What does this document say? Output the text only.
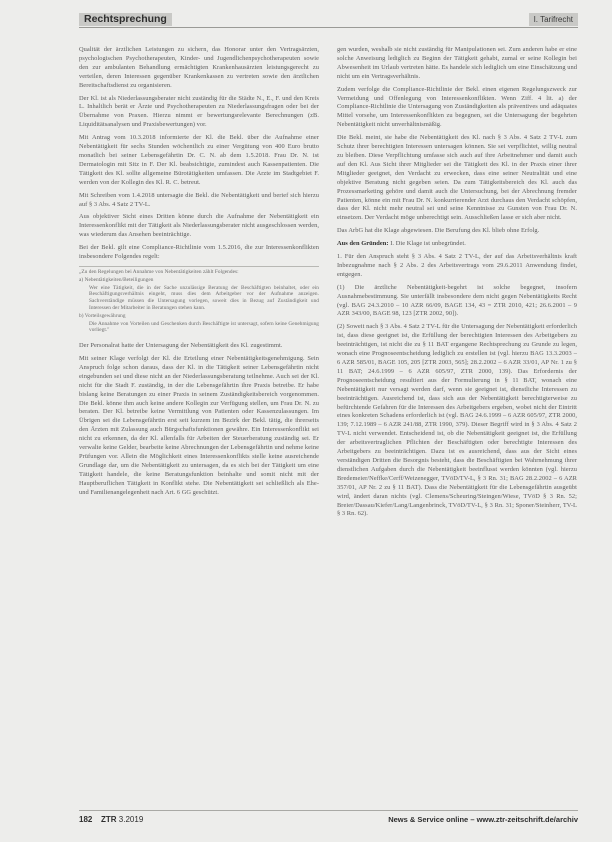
Rechtsprechung	I. Tarifrecht

Qualität der ärztlichen Leistungen zu sichern, das Honorar unter den Vertragsärzten, psychologischen Psychotherapeuten, Kinder- und Jugendlichenpsychotherapeuten sowie den zur ambulanten Behandlung ermächtigten Krankenhausärzten leistungsgerecht zu verteilen, deren Interessen gegenüber Krankenkassen zu vertreten sowie den ärztlichen Bereitschaftsdienst zu organisieren.

Der Kl. ist als Niederlassungsberater nicht zuständig für die Städte N., E., F. und den Kreis L. Inhaltlich berät er Ärzte und Psychotherapeuten zu Niederlassungsfragen oder bei der Übernahme von Praxen. Hierzu nimmt er bewertungsrelevante Berechnungen (zB. Liquiditätsanalysen und Praxisbewertungen) vor.

Mit Antrag vom 10.3.2018 informierte der Kl. die Bekl. über die Aufnahme einer Nebentätigkeit für sechs Stunden wöchentlich zu einer Vergütung von 400 Euro brutto monatlich bei seiner Lebensgefährtin Dr. C. N. ab dem 1.5.2018. Frau Dr. N. ist Dermatologin mit Sitz in F. Der Kl. beabsichtigte, zumindest auch Kassenpatienten. Die Tätigkeit des Kl. sollte allgemeine Bürotätigkeiten umfassen. Die Arzte im Stadtgebiet F. werden von der Kollegin des Kl. R. C. betreut.

Mit Schreiben vom 1.4.2018 untersagte die Bekl. die Nebentätigkeit und berief sich hierzu auf § 3 Abs. 4 Satz 2 TV-L.

Aus objektiver Sicht eines Dritten könne durch die Aufnahme der Nebentätigkeit ein Interessenkonflikt mit der Tätigkeit als Niederlassungsberater nicht ausgeschlossen werden, was wiederum das Ansehen beeinträchtige.

Bei der Bekl. gilt eine Compliance-Richtlinie vom 1.5.2016, die zur Interessenkonflikten insbesondere Folgendes regelt:

„Zu den Regelungen bei Annahme von Nebentätigkeiten zählt Folgendes:

a) Nebentätigkeiten/Beteiligungen

Wer eine Tätigkeit, die in der Sache unzulässige Beratung der Beschäftigten beinhaltet, oder ein Beschäftigungsverhältnis eingeht, muss dies dem Arbeitgeber vor der Aufnahme anzeigen. Sachverständige müssen die Untersagung vorlegen, soweit dies in Bezug auf Zuständigkeit und Interessen der Mitarbeiter in Beratungen stehen kann.

b) Vorteilsgewährung

Die Annahme von Vorteilen und Geschenken durch Beschäftigte ist untersagt, sofern keine Genehmigung vorliegt."

Der Personalrat hatte der Untersagung der Nebentätigkeit des Kl. zugestimmt.

Mit seiner Klage verfolgt der Kl. die Erteilung einer Nebentätigkeitsgenehmigung. Sein Anspruch folge schon daraus, dass der Kl. in die Tätigkeit seiner Lebensgefährtin nicht eingebunden sei und diese nicht an der Niederlassungsberatung teilnehme. Auch sei der Kl. nicht für die Stadt F. zuständig, in der die Lebensgefährtin ihre Praxis betreibe. Er habe bislang keine Beratungen zu einer Praxis in seinem Zuständigkeitsbereich vorgenommen. Die Bekl. könne ihm auch keine andere Kollegin zur Verfügung stellen, um Frau Dr. N. zu beraten. Der Kl. betreibe keine Vermittlung von Patienten oder Kassenzulassungen. Im Übrigen sei die Lebensgefährtin erst seit kurzem im Bezirk der Bekl. tätig, die ihrerseits den Ärzten mit Zulassung auch Bürgschaftsfunktionen gewähre. Ein Interessenkonflikt sei nicht zu erkennen, da der Kl. allenfalls für Arbeiten der Steuerberatung zuständig sei. Er verwalte keine Gelder, bearbeite keine Abrechnungen der Lebensgefährtin und nehme keine Prüfungen vor. Allein die Möglichkeit eines Interessenkonflikts stelle keine ausreichende Grundlage dar, um die Nebentätigkeit zu untersagen, da es sich bei der Tätigkeit um eine Tätigkeit handele, die keine Beratungsfunktion beinhalte und somit nicht mit der Hauptberuflichen Tätigkeit in Konflikt stehe. Die Nebentätigkeit sei schließlich als Ehe- und Familienangelegenheit nach Art. 6 GG geschützt.

gen wurden, weshalb sie nicht zuständig für Manipulationen sei. Zum anderen habe er eine solche Anweisung lediglich zu Beginn der Tätigkeit gehabt, zumal er seine Kollegin bei Abwesenheit im Urlaub vertreten hätte. Es handele sich lediglich um eine Einschätzung und nicht um ein Vertragsverhältnis.

Zudem verfolge die Compliance-Richtlinie der Bekl. einen eigenen Regelungszweck zur Vermeidung und Offenlegung von Interessenkonflikten. Wenn Ziff. 4 lit. a) der Compliance-Richtlinie die Untersagung von Zuständigkeiten als präventives und adäquates Mittel vorsehe, um Interessenkonflikten zu begegnen, sei die Untersagung der begehrten Nebentätigkeit nicht unverhältnismäßig.

Die Bekl. meint, sie habe die Nebentätigkeit des Kl. nach § 3 Abs. 4 Satz 2 TV-L zum Schutz ihrer berechtigten Interessen untersagen können. Sie sei verpflichtet, willig neutral zu bleiben. Diese Verpflichtung umfasse sich auch auf ihre Arbeitnehmer und damit auch auf den Kl. Aus Sicht ihrer Mitglieder sei die Tätigkeit des Kl. in der Praxis einer ihrer Mitglieder geeignet, den Verdacht zu erwecken, dass eine seiner Neutralität und eine objektive Beratung nicht gegeben seien. Da zum Tätigkeitsbereich des Kl. auch das Prozessmarketing gehöre und damit auch die Untersuchung, bei der Abrechnung fremder Patienten, könne ein mit Frau Dr. N. konkurrierender Arzt durchaus den Verdacht schöpfen, dass der Kl. nicht mehr neutral sei und seine Kenntnisse zu Gunsten von Frau Dr. N. einsetzen. Der Verdacht möge unberechtigt sein. Ausschließen lasse er sich aber nicht.

Das ArbG hat die Klage abgewiesen. Die Berufung des Kl. blieb ohne Erfolg.

Aus den Gründen: I. Die Klage ist unbegründet.

1. Für den Anspruch steht § 3 Abs. 4 Satz 2 TV-L, der auf das Arbeitsverhältnis kraft Inbezugnahme nach § 2 Abs. 2 des Arbeitsvertrags vom 29.6.2011 Anwendung findet, entgegen.

(1) Die ärztliche Nebentätigkeit-begehrt ist solche begegnet, insofern Ausnahmebestimmung. Sie unterfällt insbesondere dem nicht gegen Nebentätigkeits Recht (vgl. BAG 24.3.2010 – 10 AZR 66/09, BAGE 134, 43 = ZTR 2010, 421; 26.6.2001 – 9 AZR 343/00, BAGE 98, 123 [ZTR 2002, 90]).

(2) Soweit nach § 3 Abs. 4 Satz 2 TV-L für die Untersagung der Nebentätigkeit erforderlich ist, dass diese geeignet ist, die Erfüllung der berechtigten Interessen des Arbeitgebers zu beeinträchtigen, ist nicht die zu § 11 BAT ergangene Rechtsprechung zu Grunde zu legen, wonach eine Prognoseentscheidung lediglich zu erstellen ist (vgl. hierzu BAG 13.3.2003 – 6 AZR 585/01, BAGE 105, 205 [ZTR 2003, 565]; 28.2.2002 – 6 AZR 33/01, AP Nr. 1 zu § 11 BAT; 24.6.1999 – 6 AZR 605/97, ZTR 2000, 139). Das Erfordernis der Prognoseentscheidung resultiert aus der Formulierung in § 11 BAT, wonach eine Nebentätigkeit nur versagt werden darf, wenn sie geeignet ist, dienstliche Interessen zu beeinträchtigen. Ausreichend ist, dass sich aus der Nebentätigkeit berechtigterweise zu befürchtende Gefahren für die Interessen des Arbeitgebers ergeben, wobei nicht der Eintritt eines konkreten Schadens erforderlich ist (vgl. BAG 24.6.1999 – 6 AZR 605/97, ZTR 2000, 139; 7.12.1989 – 6 AZR 241/88, ZTR 1990, 379). Dieser Begriff wird in § 3 Abs. 4 Satz 2 TV-L nicht verwendet. Entscheidend ist, ob die Nebentätigkeit geeignet ist, die Erfüllung der arbeitsvertraglichen Pflichten der Beschäftigten oder berechtigte Interessen des Arbeitgebers zu beeinträchtigen. Dazu ist es ausreichend, dass aus der Sicht eines verständigen Dritten die Besorgnis besteht, dass die Beschäftigten bei Wahrnehmung ihrer dienstlichen Aufgaben durch die Nebentätigkeit beeinflusst werden könnten (vgl. hierzu Bredemeier/Neffke/Cerff/Weizenegger, TVöD/TV-L, § 3 Rn. 31; BAG 28.2.2002 – 6 AZR 357/01, AP Nr. 2 zu § 11 BAT). Dass die Nebentätigkeit für die Lebensgefährtin ausgeübt wird, ändert daran nichts (vgl. Clemens/Scheuring/Steingen/Wiese, TVöD § 3 Rn. 52; Breier/Dassau/Kiefer/Lang/Langenbrinck, TVöD/TV-L, § 3 Rn. 31; Sponer/Steinherr, TV-L § 3 Rn. 62).

182 ZTR 3.2019	News & Service online – www.ztr-zeitschrift.de/archiv
